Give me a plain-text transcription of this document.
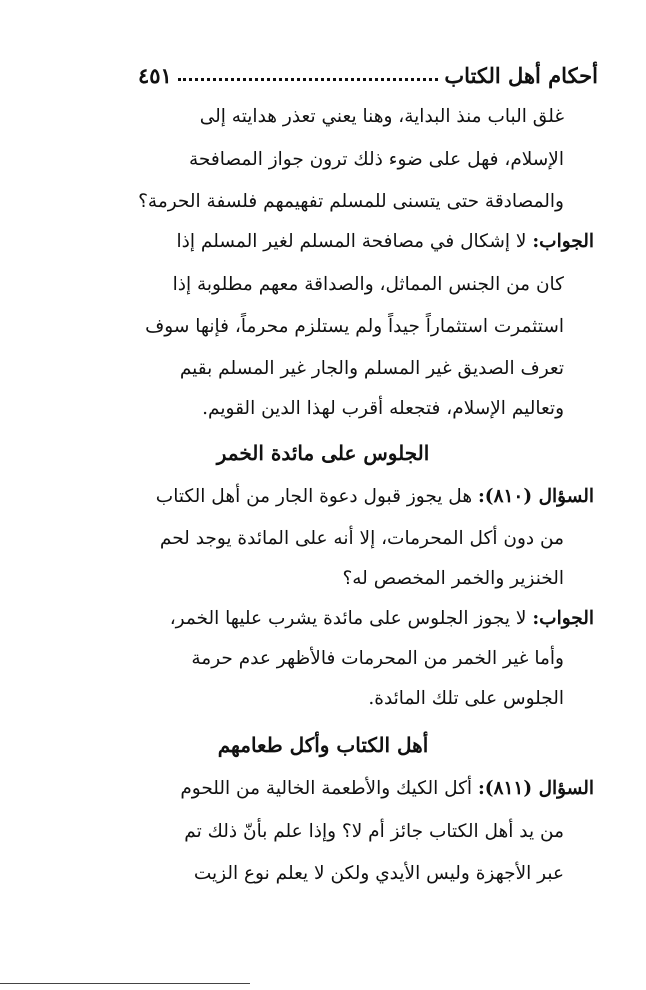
أحكام أهل الكتاب
٤٥١
غلق الباب منذ البداية، وهنا يعني تعذر هدايته إلى
الإسلام، فهل على ضوء ذلك ترون جواز المصافحة
والمصادقة حتى يتسنى للمسلم تفهيمهم فلسفة الحرمة؟
الجواب: لا إشكال في مصافحة المسلم لغير المسلم إذا
كان من الجنس المماثل، والصداقة معهم مطلوبة إذا
استثمرت استثماراً جيداً ولم يستلزم محرماً، فإنها سوف
تعرف الصديق غير المسلم والجار غير المسلم بقيم
وتعاليم الإسلام، فتجعله أقرب لهذا الدين القويم.
الجلوس على مائدة الخمر
السؤال (٨١٠): هل يجوز قبول دعوة الجار من أهل الكتاب
من دون أكل المحرمات، إلا أنه على المائدة يوجد لحم
الخنزير والخمر المخصص له؟
الجواب: لا يجوز الجلوس على مائدة يشرب عليها الخمر،
وأما غير الخمر من المحرمات فالأظهر عدم حرمة
الجلوس على تلك المائدة.
أهل الكتاب وأكل طعامهم
السؤال (٨١١): أكل الكيك والأطعمة الخالية من اللحوم
من يد أهل الكتاب جائز أم لا؟ وإذا علم بأنّ ذلك تم
عبر الأجهزة وليس الأيدي ولكن لا يعلم نوع الزيت
